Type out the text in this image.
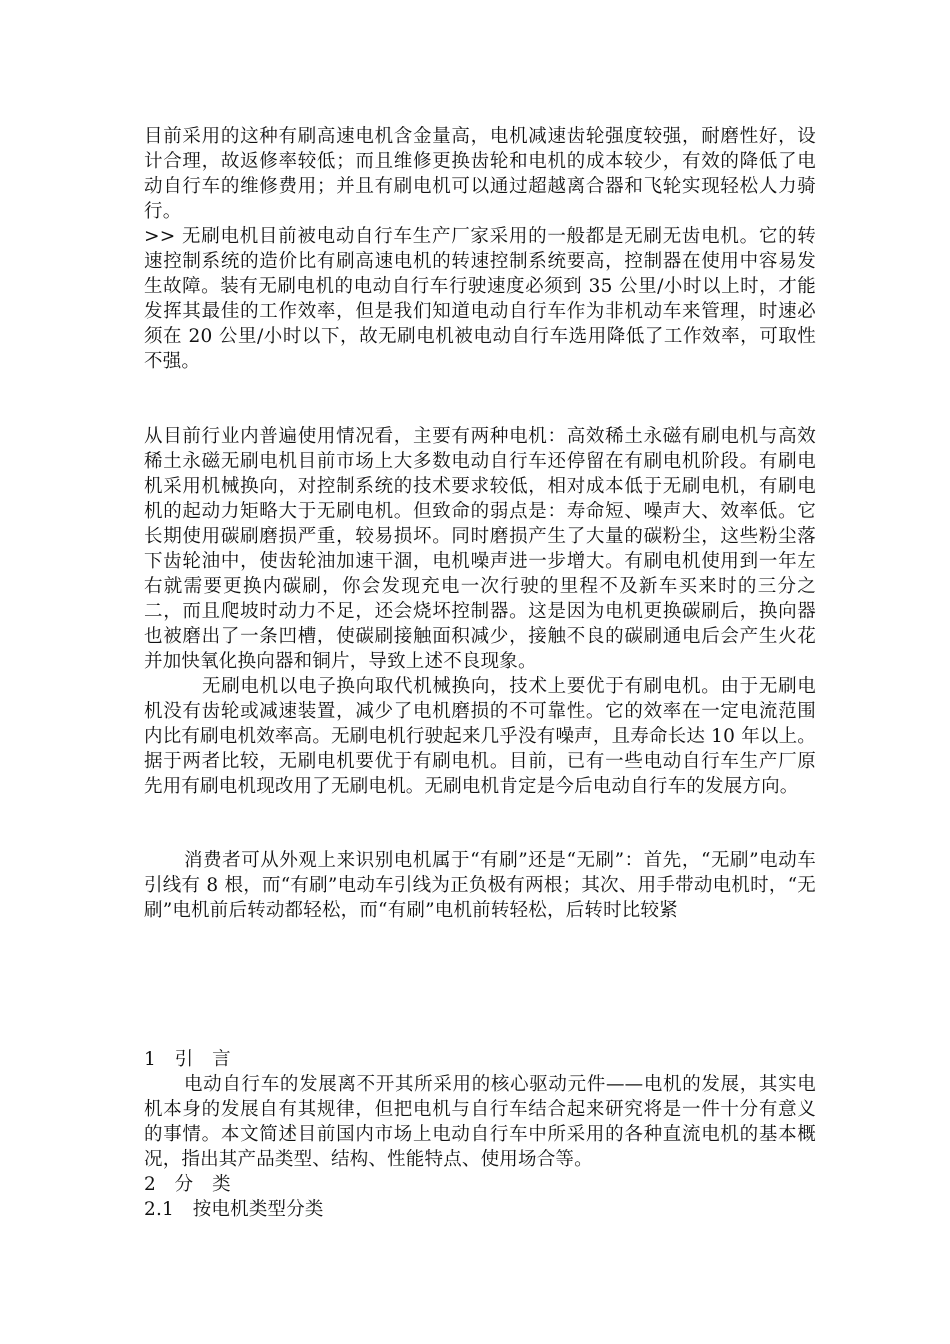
目前采用的这种有刷高速电机含金量高，电机减速齿轮强度较强，耐磨性好，设计合理，故返修率较低；而且维修更换齿轮和电机的成本较少，有效的降低了电动自行车的维修费用；并且有刷电机可以通过超越离合器和飞轮实现轻松人力骑行。

>> 无刷电机目前被电动自行车生产厂家采用的一般都是无刷无齿电机。它的转速控制系统的造价比有刷高速电机的转速控制系统要高，控制器在使用中容易发生故障。装有无刷电机的电动自行车行驶速度必须到 35 公里/小时以上时，才能发挥其最佳的工作效率，但是我们知道电动自行车作为非机动车来管理，时速必须在 20 公里/小时以下，故无刷电机被电动自行车选用降低了工作效率，可取性不强。

从目前行业内普遍使用情况看，主要有两种电机：高效稀土永磁有刷电机与高效稀土永磁无刷电机目前市场上大多数电动自行车还停留在有刷电机阶段。有刷电机采用机械换向，对控制系统的技术要求较低，相对成本低于无刷电机，有刷电机的起动力矩略大于无刷电机。但致命的弱点是：寿命短、噪声大、效率低。它长期使用碳刷磨损严重，较易损坏。同时磨损产生了大量的碳粉尘，这些粉尘落下齿轮油中，使齿轮油加速干涸，电机噪声进一步增大。有刷电机使用到一年左右就需要更换内碳刷，你会发现充电一次行驶的里程不及新车买来时的三分之二，而且爬坡时动力不足，还会烧坏控制器。这是因为电机更换碳刷后，换向器也被磨出了一条凹槽，使碳刷接触面积减少，接触不良的碳刷通电后会产生火花并加快氧化换向器和铜片，导致上述不良现象。

无刷电机以电子换向取代机械换向，技术上要优于有刷电机。由于无刷电机没有齿轮或减速装置，减少了电机磨损的不可靠性。它的效率在一定电流范围内比有刷电机效率高。无刷电机行驶起来几乎没有噪声，且寿命长达 10 年以上。据于两者比较，无刷电机要优于有刷电机。目前，已有一些电动自行车生产厂原先用有刷电机现改用了无刷电机。无刷电机肯定是今后电动自行车的发展方向。

消费者可从外观上来识别电机属于“有刷”还是“无刷”：首先，“无刷”电动车引线有 8 根，而“有刷”电动车引线为正负极有两根；其次、用手带动电机时，“无刷”电机前后转动都轻松，而“有刷”电机前转轻松，后转时比较紧

1　引　言

电动自行车的发展离不开其所采用的核心驱动元件——电机的发展，其实电机本身的发展自有其规律，但把电机与自行车结合起来研究将是一件十分有意义的事情。本文简述目前国内市场上电动自行车中所采用的各种直流电机的基本概况，指出其产品类型、结构、性能特点、使用场合等。

2　分　类
2.1　按电机类型分类
